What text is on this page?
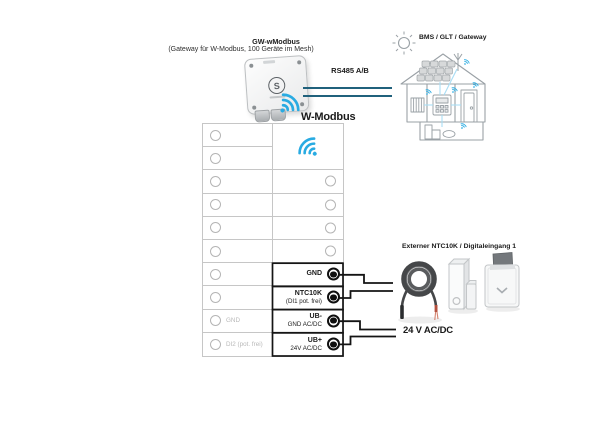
GW-wModbus
(Gateway für W-Modbus, 100 Geräte im Mesh)
S
RS485 A/B
BMS / GLT / Gateway
W-Modbus
GND
NTC10K
(DI1 pot. frei)
GND
UB-
GND AC/DC
DI2 (pot. frei)
UB+
24V AC/DC
Externer NTC10K / Digitaleingang 1
24 V AC/DC
